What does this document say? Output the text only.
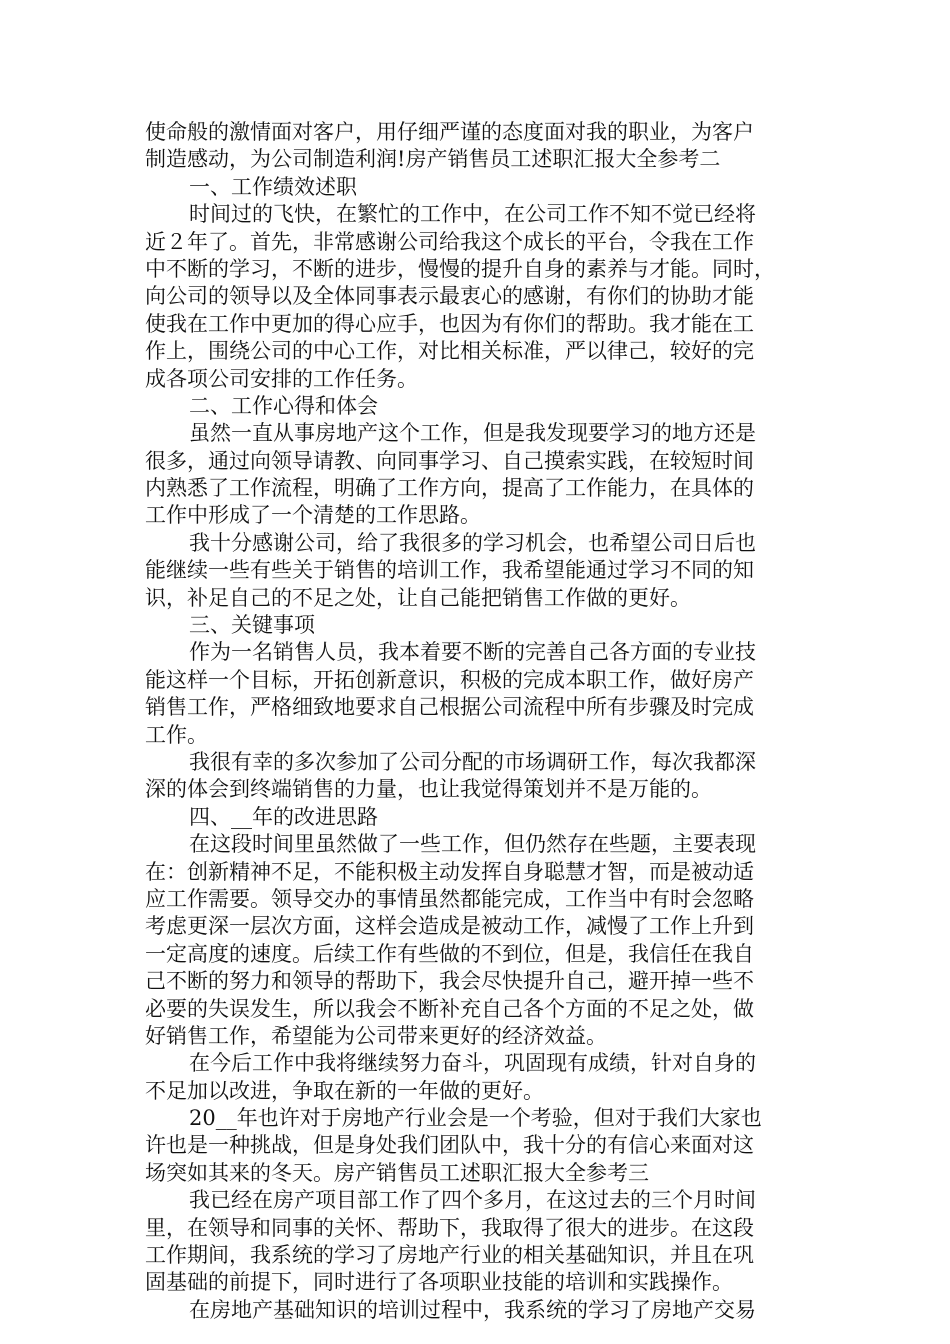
使命般的激情面对客户，用仔细严谨的态度面对我的职业，为客户
制造感动，为公司制造利润!房产销售员工述职汇报大全参考二
一、工作绩效述职
时间过的飞快，在繁忙的工作中，在公司工作不知不觉已经将
近２年了。首先，非常感谢公司给我这个成长的平台，令我在工作
中不断的学习，不断的进步，慢慢的提升自身的素养与才能。同时，
向公司的领导以及全体同事表示最衷心的感谢，有你们的协助才能
使我在工作中更加的得心应手，也因为有你们的帮助。我才能在工
作上，围绕公司的中心工作，对比相关标准，严以律己，较好的完
成各项公司安排的工作任务。
二、工作心得和体会
虽然一直从事房地产这个工作，但是我发现要学习的地方还是
很多，通过向领导请教、向同事学习、自己摸索实践，在较短时间
内熟悉了工作流程，明确了工作方向，提高了工作能力，在具体的
工作中形成了一个清楚的工作思路。
我十分感谢公司，给了我很多的学习机会，也希望公司日后也
能继续一些有些关于销售的培训工作，我希望能通过学习不同的知
识，补足自己的不足之处，让自己能把销售工作做的更好。
三、关键事项
作为一名销售人员，我本着要不断的完善自己各方面的专业技
能这样一个目标，开拓创新意识，积极的完成本职工作，做好房产
销售工作，严格细致地要求自己根据公司流程中所有步骤及时完成
工作。
我很有幸的多次参加了公司分配的市场调研工作，每次我都深
深的体会到终端销售的力量，也让我觉得策划并不是万能的。
四、__年的改进思路
在这段时间里虽然做了一些工作，但仍然存在些题，主要表现
在：创新精神不足，不能积极主动发挥自身聪慧才智，而是被动适
应工作需要。领导交办的事情虽然都能完成，工作当中有时会忽略
考虑更深一层次方面，这样会造成是被动工作，减慢了工作上升到
一定高度的速度。后续工作有些做的不到位，但是，我信任在我自
己不断的努力和领导的帮助下，我会尽快提升自己，避开掉一些不
必要的失误发生，所以我会不断补充自己各个方面的不足之处，做
好销售工作，希望能为公司带来更好的经济效益。
在今后工作中我将继续努力奋斗，巩固现有成绩，针对自身的
不足加以改进，争取在新的一年做的更好。
20__年也许对于房地产行业会是一个考验，但对于我们大家也
许也是一种挑战，但是身处我们团队中，我十分的有信心来面对这
场突如其来的冬天。房产销售员工述职汇报大全参考三
我已经在房产项目部工作了四个多月，在这过去的三个月时间
里，在领导和同事的关怀、帮助下，我取得了很大的进步。在这段
工作期间，我系统的学习了房地产行业的相关基础知识，并且在巩
固基础的前提下，同时进行了各项职业技能的培训和实践操作。
在房地产基础知识的培训过程中，我系统的学习了房地产交易
